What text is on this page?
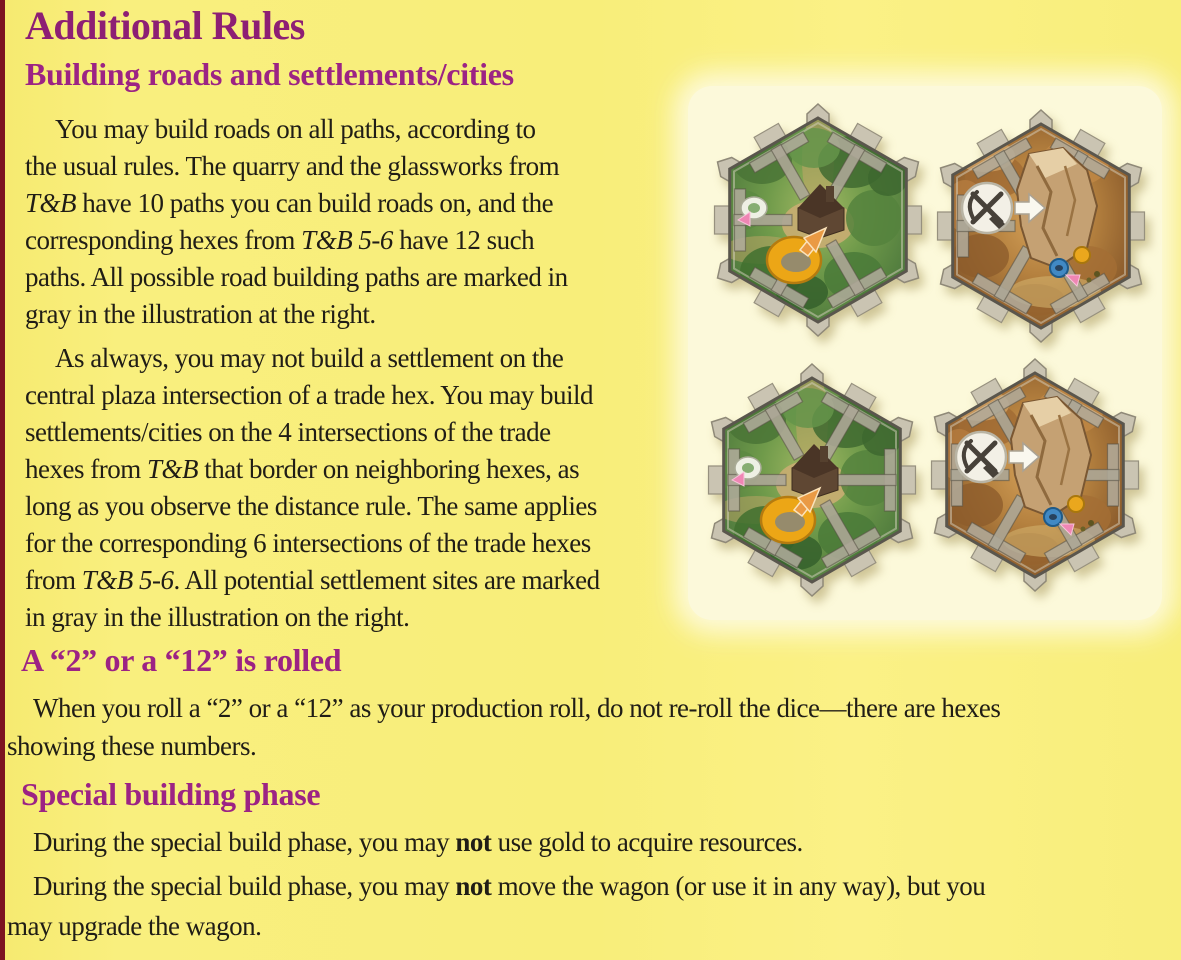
Additional Rules
Building roads and settlements/cities
You may build roads on all paths, according to
the usual rules. The quarry and the glassworks from
T&B have 10 paths you can build roads on, and the
corresponding hexes from T&B 5-6 have 12 such
paths. All possible road building paths are marked in
gray in the illustration at the right.
As always, you may not build a settlement on the
central plaza intersection of a trade hex. You may build
settlements/cities on the 4 intersections of the trade
hexes from T&B that border on neighboring hexes, as
long as you observe the distance rule. The same applies
for the corresponding 6 intersections of the trade hexes
from T&B 5-6. All potential settlement sites are marked
in gray in the illustration on the right.
A “2” or a “12” is rolled
When you roll a “2” or a “12” as your production roll, do not re-roll the dice—there are hexes
showing these numbers.
Special building phase
During the special build phase, you may not use gold to acquire resources.
During the special build phase, you may not move the wagon (or use it in any way), but you
may upgrade the wagon.
